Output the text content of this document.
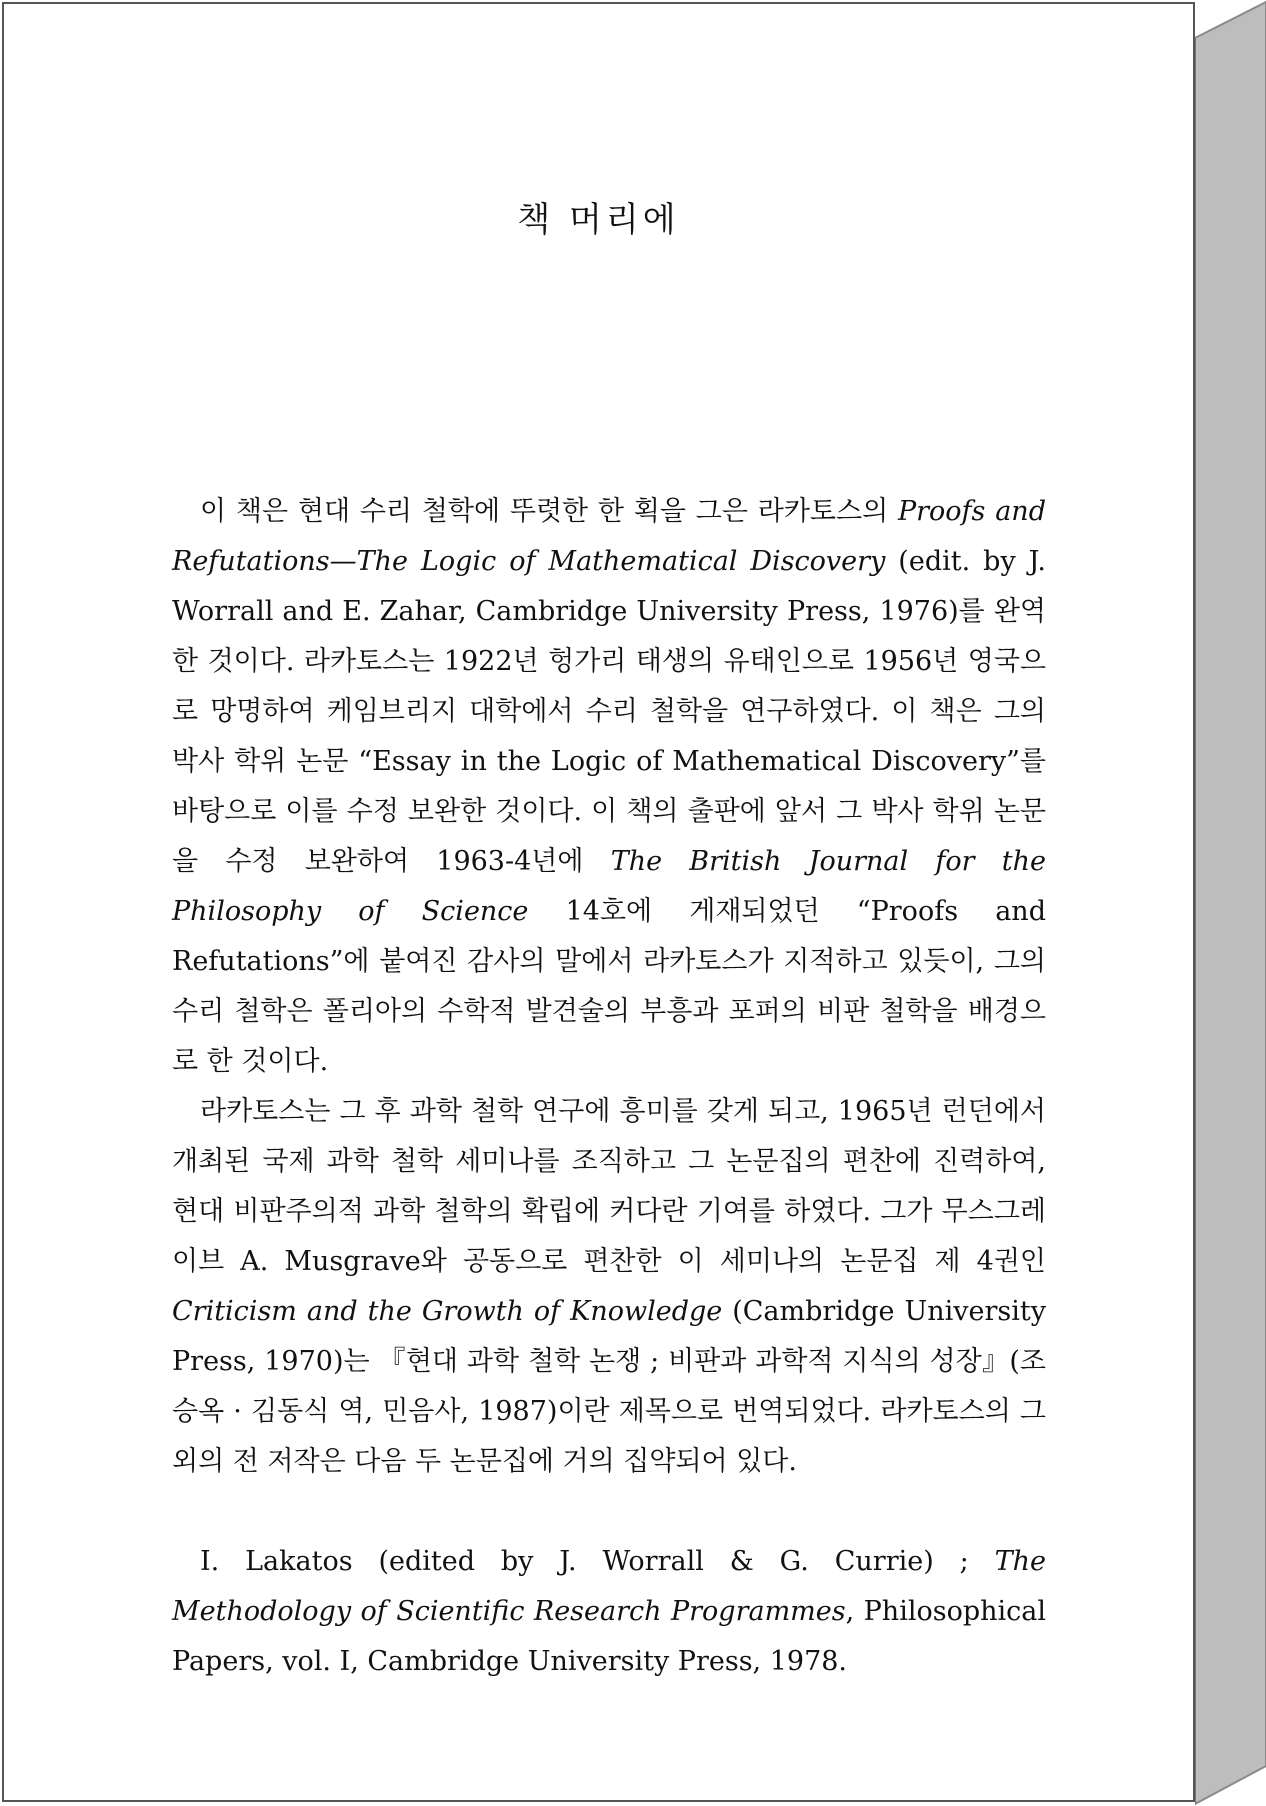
책 머리에

이 책은 현대 수리 철학에 뚜렷한 한 획을 그은 라카토스의 Proofs and Refutations—The Logic of Mathematical Discovery (edit. by J. Worrall and E. Zahar, Cambridge University Press, 1976)를 완역한 것이다. 라카토스는 1922년 헝가리 태생의 유태인으로 1956년 영국으로 망명하여 케임브리지 대학에서 수리 철학을 연구하였다. 이 책은 그의 박사 학위 논문 “Essay in the Logic of Mathematical Discovery”를 바탕으로 이를 수정 보완한 것이다. 이 책의 출판에 앞서 그 박사 학위 논문을 수정 보완하여 1963-4년에 The British Journal for the Philosophy of Science 14호에 게재되었던 “Proofs and Refutations”에 붙여진 감사의 말에서 라카토스가 지적하고 있듯이, 그의 수리 철학은 폴리아의 수학적 발견술의 부흥과 포퍼의 비판 철학을 배경으로 한 것이다.

라카토스는 그 후 과학 철학 연구에 흥미를 갖게 되고, 1965년 런던에서 개최된 국제 과학 철학 세미나를 조직하고 그 논문집의 편찬에 진력하여, 현대 비판주의적 과학 철학의 확립에 커다란 기여를 하였다. 그가 무스그레이브 A. Musgrave와 공동으로 편찬한 이 세미나의 논문집 제 4권인 Criticism and the Growth of Knowledge (Cambridge University Press, 1970)는 『현대 과학 철학 논쟁 ; 비판과 과학적 지식의 성장』(조승옥 · 김동식 역, 민음사, 1987)이란 제목으로 번역되었다. 라카토스의 그외의 전 저작은 다음 두 논문집에 거의 집약되어 있다.

I. Lakatos (edited by J. Worrall & G. Currie) ; The Methodology of Scientific Research Programmes, Philosophical Papers, vol. I, Cambridge University Press, 1978.
